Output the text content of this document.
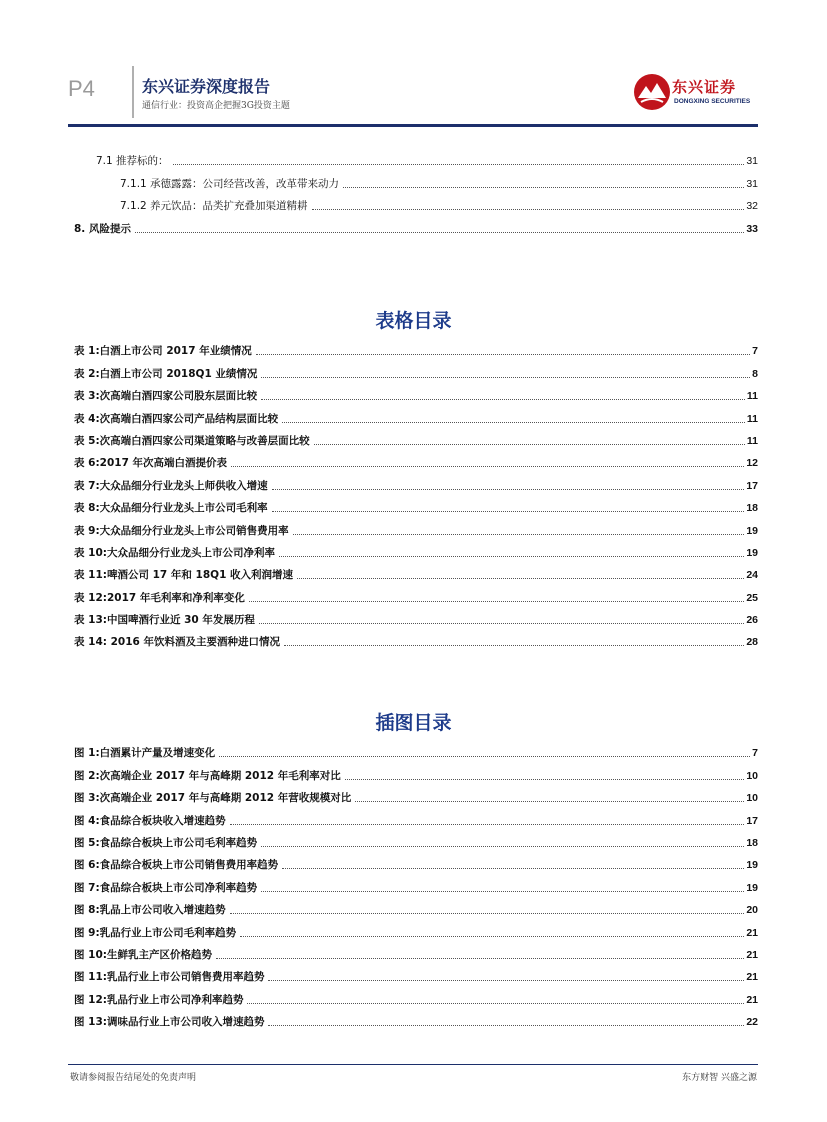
P4	东兴证券深度报告
通信行业：投资高企把握3G投资主题
东兴证券
DONGXING SECURITIES
7.1 推荐标的：	31
7.1.1 承德露露：公司经营改善，改革带来动力	31
7.1.2 养元饮品：品类扩充叠加渠道精耕	32
8. 风险提示	33
表格目录
表 1:白酒上市公司 2017 年业绩情况	7
表 2:白酒上市公司 2018Q1 业绩情况	8
表 3:次高端白酒四家公司股东层面比较	11
表 4:次高端白酒四家公司产品结构层面比较	11
表 5:次高端白酒四家公司渠道策略与改善层面比较	11
表 6:2017 年次高端白酒提价表	12
表 7:大众品细分行业龙头上师供收入增速	17
表 8:大众品细分行业龙头上市公司毛利率	18
表 9:大众品细分行业龙头上市公司销售费用率	19
表 10:大众品细分行业龙头上市公司净利率	19
表 11:啤酒公司 17 年和 18Q1 收入利润增速	24
表 12:2017 年毛利率和净利率变化	25
表 13:中国啤酒行业近 30 年发展历程	26
表 14: 2016 年饮料酒及主要酒种进口情况	28
插图目录
图 1:白酒累计产量及增速变化	7
图 2:次高端企业 2017 年与高峰期 2012 年毛利率对比	10
图 3:次高端企业 2017 年与高峰期 2012 年营收规模对比	10
图 4:食品综合板块收入增速趋势	17
图 5:食品综合板块上市公司毛利率趋势	18
图 6:食品综合板块上市公司销售费用率趋势	19
图 7:食品综合板块上市公司净利率趋势	19
图 8:乳品上市公司收入增速趋势	20
图 9:乳品行业上市公司毛利率趋势	21
图 10:生鲜乳主产区价格趋势	21
图 11:乳品行业上市公司销售费用率趋势	21
图 12:乳品行业上市公司净利率趋势	21
图 13:调味品行业上市公司收入增速趋势	22
敬请参阅报告结尾处的免责声明	东方财智 兴盛之源
